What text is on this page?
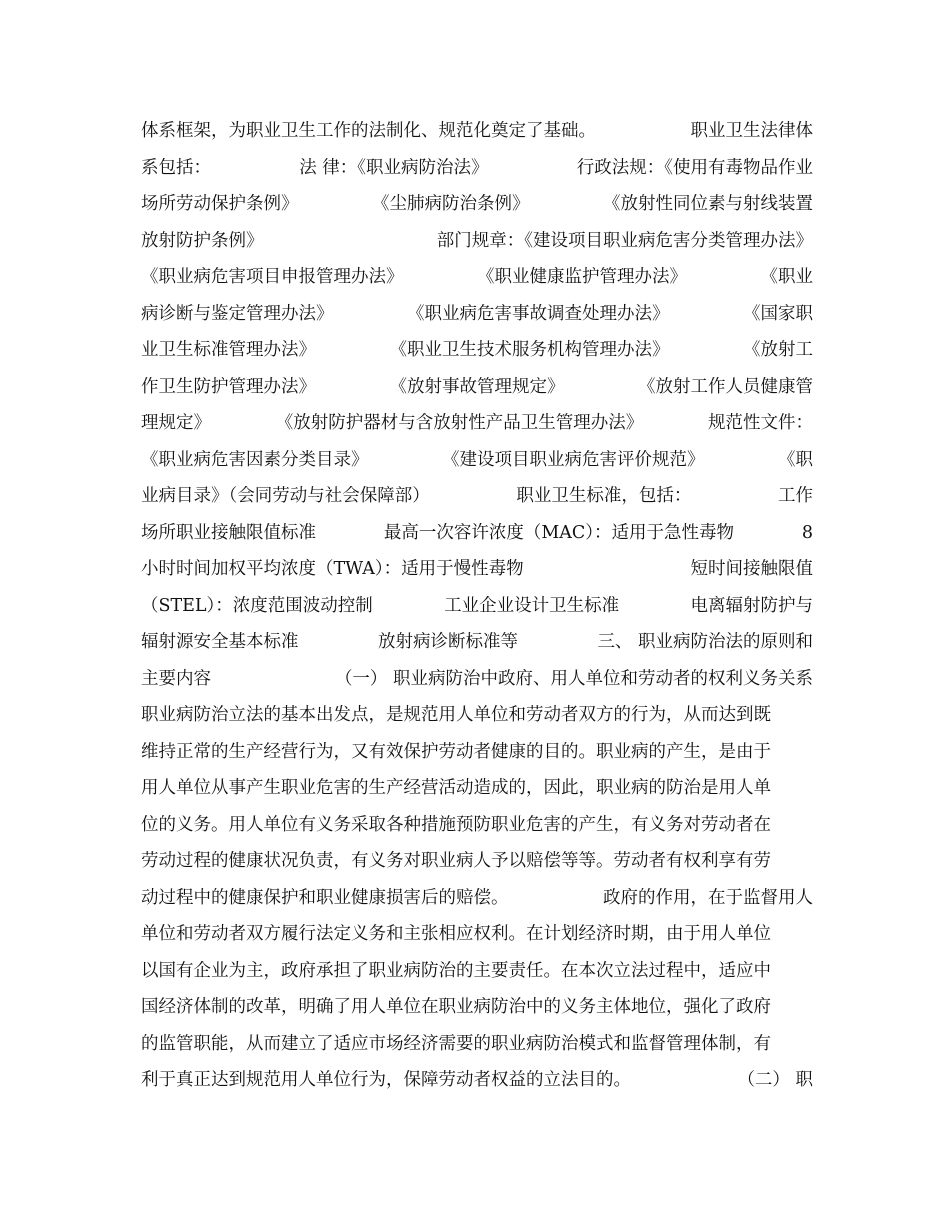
体系框架，为职业卫生工作的法制化、规范化奠定了基础。	职业卫生法律体
系包括：	法 律：《职业病防治法》	行政法规：《使用有毒物品作业
场所劳动保护条例》	《尘肺病防治条例》	《放射性同位素与射线装置
放射防护条例》	部门规章：《建设项目职业病危害分类管理办法》
《职业病危害项目申报管理办法》	《职业健康监护管理办法》	《职业
病诊断与鉴定管理办法》	《职业病危害事故调查处理办法》	《国家职
业卫生标准管理办法》	《职业卫生技术服务机构管理办法》	《放射工
作卫生防护管理办法》	《放射事故管理规定》	《放射工作人员健康管
理规定》	《放射防护器材与含放射性产品卫生管理办法》	规范性文件：
《职业病危害因素分类目录》	《建设项目职业病危害评价规范》	《职
业病目录》（会同劳动与社会保障部）	职业卫生标准，包括：	工作
场所职业接触限值标准	最高一次容许浓度（MAC）：适用于急性毒物	8
小时时间加权平均浓度（TWA）：适用于慢性毒物	短时间接触限值
（STEL）：浓度范围波动控制	工业企业设计卫生标准	电离辐射防护与
辐射源安全基本标准	放射病诊断标准等	三、 职业病防治法的原则和
主要内容	（一） 职业病防治中政府、用人单位和劳动者的权利义务关系
职业病防治立法的基本出发点，是规范用人单位和劳动者双方的行为，从而达到既
维持正常的生产经营行为，又有效保护劳动者健康的目的。职业病的产生，是由于
用人单位从事产生职业危害的生产经营活动造成的，因此，职业病的防治是用人单
位的义务。用人单位有义务采取各种措施预防职业危害的产生，有义务对劳动者在
劳动过程的健康状况负责，有义务对职业病人予以赔偿等等。劳动者有权利享有劳
动过程中的健康保护和职业健康损害后的赔偿。	政府的作用，在于监督用人
单位和劳动者双方履行法定义务和主张相应权利。在计划经济时期，由于用人单位
以国有企业为主，政府承担了职业病防治的主要责任。在本次立法过程中，适应中
国经济体制的改革，明确了用人单位在职业病防治中的义务主体地位，强化了政府
的监管职能，从而建立了适应市场经济需要的职业病防治模式和监督管理体制，有
利于真正达到规范用人单位行为，保障劳动者权益的立法目的。	（二） 职
